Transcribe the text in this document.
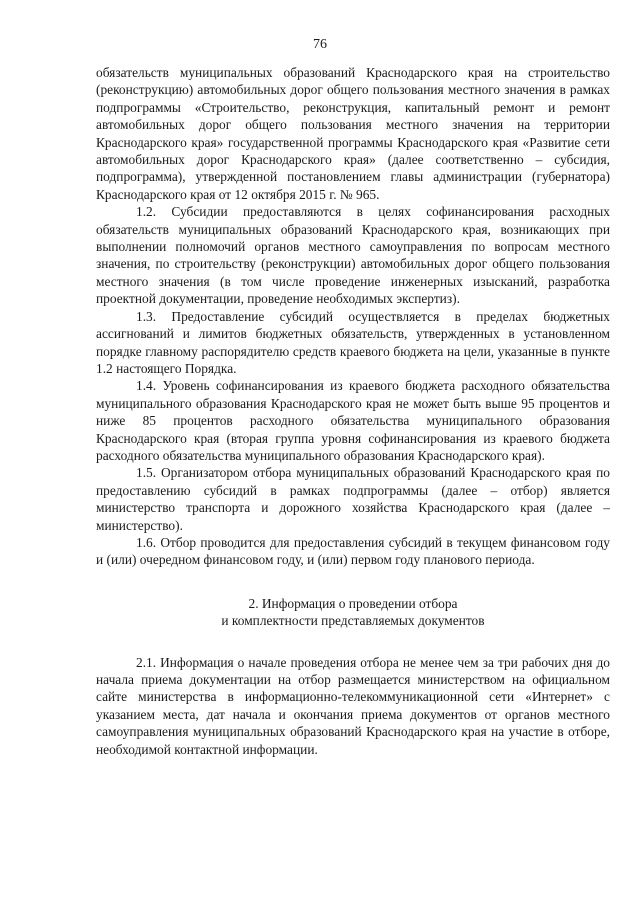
76

обязательств муниципальных образований Краснодарского края на строительство (реконструкцию) автомобильных дорог общего пользования местного значения в рамках подпрограммы «Строительство, реконструкция, капитальный ремонт и ремонт автомобильных дорог общего пользования местного значения на территории Краснодарского края» государственной программы Краснодарского края «Развитие сети автомобильных дорог Краснодарского края» (далее соответственно – субсидия, подпрограмма), утвержденной постановлением главы администрации (губернатора) Краснодарского края от 12 октября 2015 г. № 965.

1.2. Субсидии предоставляются в целях софинансирования расходных обязательств муниципальных образований Краснодарского края, возникающих при выполнении полномочий органов местного самоуправления по вопросам местного значения, по строительству (реконструкции) автомобильных дорог общего пользования местного значения (в том числе проведение инженерных изысканий, разработка проектной документации, проведение необходимых экспертиз).

1.3. Предоставление субсидий осуществляется в пределах бюджетных ассигнований и лимитов бюджетных обязательств, утвержденных в установленном порядке главному распорядителю средств краевого бюджета на цели, указанные в пункте 1.2 настоящего Порядка.

1.4. Уровень софинансирования из краевого бюджета расходного обязательства муниципального образования Краснодарского края не может быть выше 95 процентов и ниже 85 процентов расходного обязательства муниципального образования Краснодарского края (вторая группа уровня софинансирования из краевого бюджета расходного обязательства муниципального образования Краснодарского края).

1.5. Организатором отбора муниципальных образований Краснодарского края по предоставлению субсидий в рамках подпрограммы (далее – отбор) является министерство транспорта и дорожного хозяйства Краснодарского края (далее – министерство).

1.6. Отбор проводится для предоставления субсидий в текущем финансовом году и (или) очередном финансовом году, и (или) первом году планового периода.

2. Информация о проведении отбора
и комплектности представляемых документов

2.1. Информация о начале проведения отбора не менее чем за три рабочих дня до начала приема документации на отбор размещается министерством на официальном сайте министерства в информационно-телекоммуникационной сети «Интернет» с указанием места, дат начала и окончания приема документов от органов местного самоуправления муниципальных образований Краснодарского края на участие в отборе, необходимой контактной информации.
